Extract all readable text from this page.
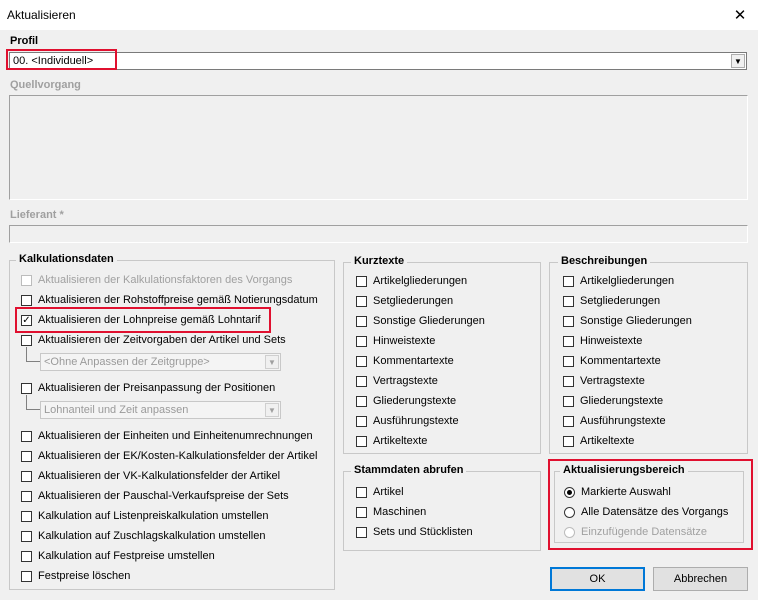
Aktualisieren	✕
Profil
00. <Individuell>	▼
Quellvorgang
Lieferant *
Kalkulationsdaten
Aktualisieren der Kalkulationsfaktoren des Vorgangs
Aktualisieren der Rohstoffpreise gemäß Notierungsdatum
✓ Aktualisieren der Lohnpreise gemäß Lohntarif
Aktualisieren der Zeitvorgaben der Artikel und Sets
<Ohne Anpassen der Zeitgruppe>	▼
Aktualisieren der Preisanpassung der Positionen
Lohnanteil und Zeit anpassen	▼
Aktualisieren der Einheiten und Einheitenumrechnungen
Aktualisieren der EK/Kosten-Kalkulationsfelder der Artikel
Aktualisieren der VK-Kalkulationsfelder der Artikel
Aktualisieren der Pauschal-Verkaufspreise der Sets
Kalkulation auf Listenpreiskalkulation umstellen
Kalkulation auf Zuschlagskalkulation umstellen
Kalkulation auf Festpreise umstellen
Festpreise löschen
Kurztexte
Artikelgliederungen
Setgliederungen
Sonstige Gliederungen
Hinweistexte
Kommentartexte
Vertragstexte
Gliederungstexte
Ausführungstexte
Artikeltexte
Beschreibungen
Artikelgliederungen
Setgliederungen
Sonstige Gliederungen
Hinweistexte
Kommentartexte
Vertragstexte
Gliederungstexte
Ausführungstexte
Artikeltexte
Stammdaten abrufen
Artikel
Maschinen
Sets und Stücklisten
Aktualisierungsbereich
Markierte Auswahl
Alle Datensätze des Vorgangs
Einzufügende Datensätze
OK	Abbrechen
